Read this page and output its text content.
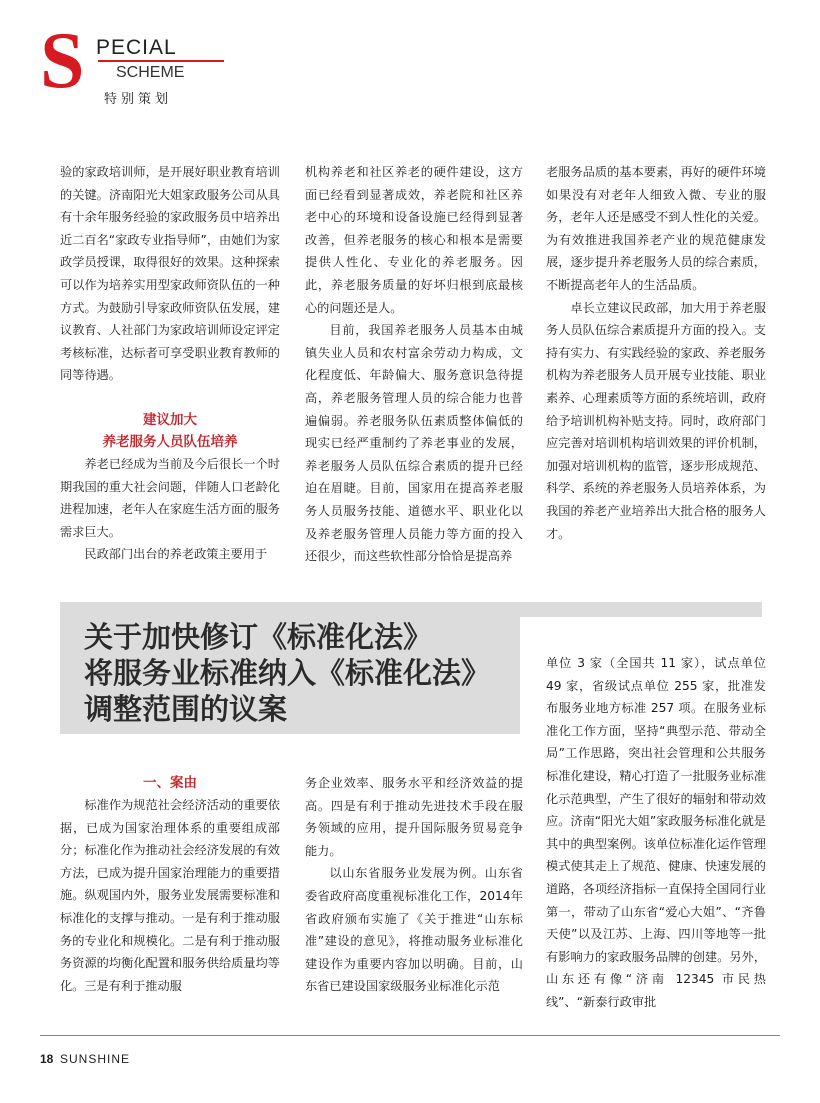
S PECIAL
SCHEME
特别策划

验的家政培训师，是开展好职业教育培训的关键。济南阳光大姐家政服务公司从具有十余年服务经验的家政服务员中培养出近二百名“家政专业指导师”，由她们为家政学员授课，取得很好的效果。这种探索可以作为培养实用型家政师资队伍的一种方式。为鼓励引导家政师资队伍发展，建议教育、人社部门为家政培训师设定评定考核标准，达标者可享受职业教育教师的同等待遇。

建议加大
养老服务人员队伍培养

养老已经成为当前及今后很长一个时期我国的重大社会问题，伴随人口老龄化进程加速，老年人在家庭生活方面的服务需求巨大。

民政部门出台的养老政策主要用于

机构养老和社区养老的硬件建设，这方面已经看到显著成效，养老院和社区养老中心的环境和设备设施已经得到显著改善，但养老服务的核心和根本是需要提供人性化、专业化的养老服务。因此，养老服务质量的好坏归根到底最核心的问题还是人。

目前，我国养老服务人员基本由城镇失业人员和农村富余劳动力构成，文化程度低、年龄偏大、服务意识急待提高，养老服务管理人员的综合能力也普遍偏弱。养老服务队伍素质整体偏低的现实已经严重制约了养老事业的发展，养老服务人员队伍综合素质的提升已经迫在眉睫。目前，国家用在提高养老服务人员服务技能、道德水平、职业化以及养老服务管理人员能力等方面的投入还很少，而这些软性部分恰恰是提高养

老服务品质的基本要素，再好的硬件环境如果没有对老年人细致入微、专业的服务，老年人还是感受不到人性化的关爱。为有效推进我国养老产业的规范健康发展，逐步提升养老服务人员的综合素质，不断提高老年人的生活品质。

卓长立建议民政部，加大用于养老服务人员队伍综合素质提升方面的投入。支持有实力、有实践经验的家政、养老服务机构为养老服务人员开展专业技能、职业素养、心理素质等方面的系统培训，政府给予培训机构补贴支持。同时，政府部门应完善对培训机构培训效果的评价机制，加强对培训机构的监管，逐步形成规范、科学、系统的养老服务人员培养体系，为我国的养老产业培养出大批合格的服务人才。

关于加快修订《标准化法》
将服务业标准纳入《标准化法》
调整范围的议案
一、案由

标准作为规范社会经济活动的重要依据，已成为国家治理体系的重要组成部分；标准化作为推动社会经济发展的有效方法，已成为提升国家治理能力的重要措施。纵观国内外，服务业发展需要标准和标准化的支撑与推动。一是有利于推动服务的专业化和规模化。二是有利于推动服务资源的均衡化配置和服务供给质量均等化。三是有利于推动服

务企业效率、服务水平和经济效益的提高。四是有利于推动先进技术手段在服务领域的应用，提升国际服务贸易竞争能力。

以山东省服务业发展为例。山东省委省政府高度重视标准化工作，2014年省政府颁布实施了《关于推进“山东标准”建设的意见》，将推动服务业标准化建设作为重要内容加以明确。目前，山东省已建设国家级服务业标准化示范

单位 3 家（全国共 11 家），试点单位 49 家，省级试点单位 255 家，批准发布服务业地方标准 257 项。在服务业标准化工作方面，坚持“典型示范、带动全局”工作思路，突出社会管理和公共服务标准化建设，精心打造了一批服务业标准化示范典型，产生了很好的辐射和带动效应。济南“阳光大姐”家政服务标准化就是其中的典型案例。该单位标准化运作管理模式使其走上了规范、健康、快速发展的道路，各项经济指标一直保持全国同行业第一，带动了山东省“爱心大姐”、“齐鲁天使”以及江苏、上海、四川等地等一批有影响力的家政服务品牌的创建。另外，山东还有像“济南 12345 市民热线”、“新泰行政审批

18 SUNSHINE
